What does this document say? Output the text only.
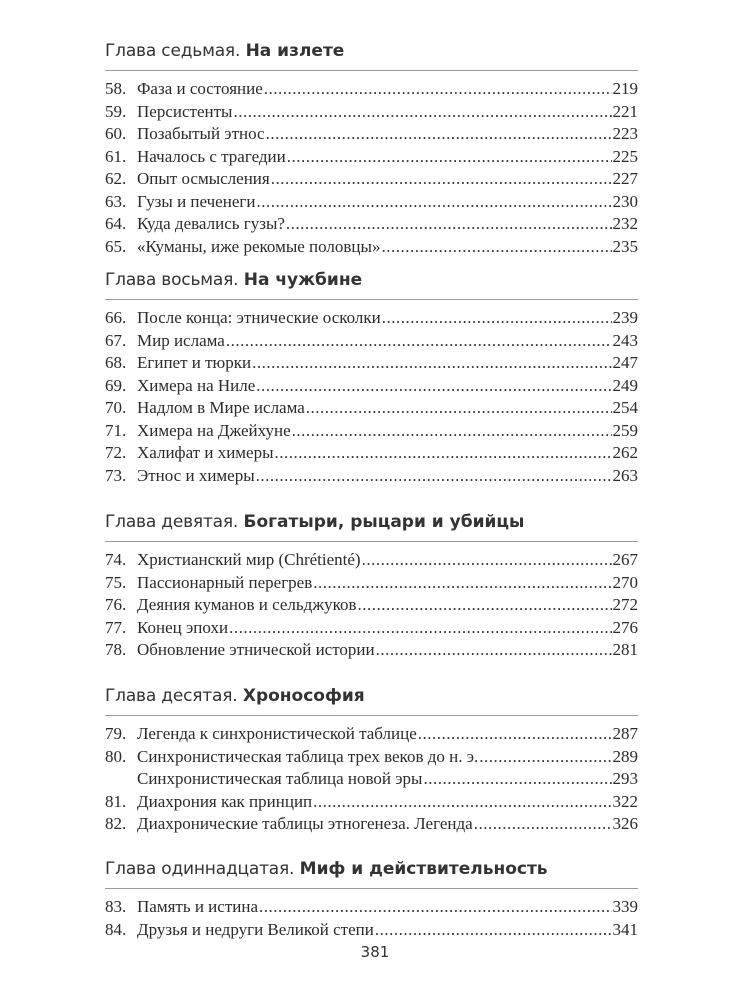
Глава седьмая. На излете
58. Фаза и состояние .....	219
59. Персистенты .....	221
60. Позабытый этнос .....	223
61. Началось с трагедии .....	225
62. Опыт осмысления .....	227
63. Гузы и печенеги .....	230
64. Куда девались гузы? .....	232
65. «Куманы, иже рекомые половцы» .....	235
Глава восьмая. На чужбине
66. После конца: этнические осколки .....	239
67. Мир ислама .....	243
68. Египет и тюрки .....	247
69. Химера на Ниле .....	249
70. Надлом в Мире ислама .....	254
71. Химера на Джейхуне .....	259
72. Халифат и химеры .....	262
73. Этнос и химеры .....	263
Глава девятая. Богатыри, рыцари и убийцы
74. Христианский мир (Chrétienté) .....	267
75. Пассионарный перегрев .....	270
76. Деяния куманов и сельджуков .....	272
77. Конец эпохи .....	276
78. Обновление этнической истории .....	281
Глава десятая. Хронософия
79. Легенда к синхронистической таблице .....	287
80. Синхронистическая таблица трех веков до н. э. .....	289
Синхронистическая таблица новой эры .....	293
81. Диахрония как принцип .....	322
82. Диахронические таблицы этногенеза. Легенда .....	326
Глава одиннадцатая. Миф и действительность
83. Память и истина .....	339
84. Друзья и недруги Великой степи .....	341
381
